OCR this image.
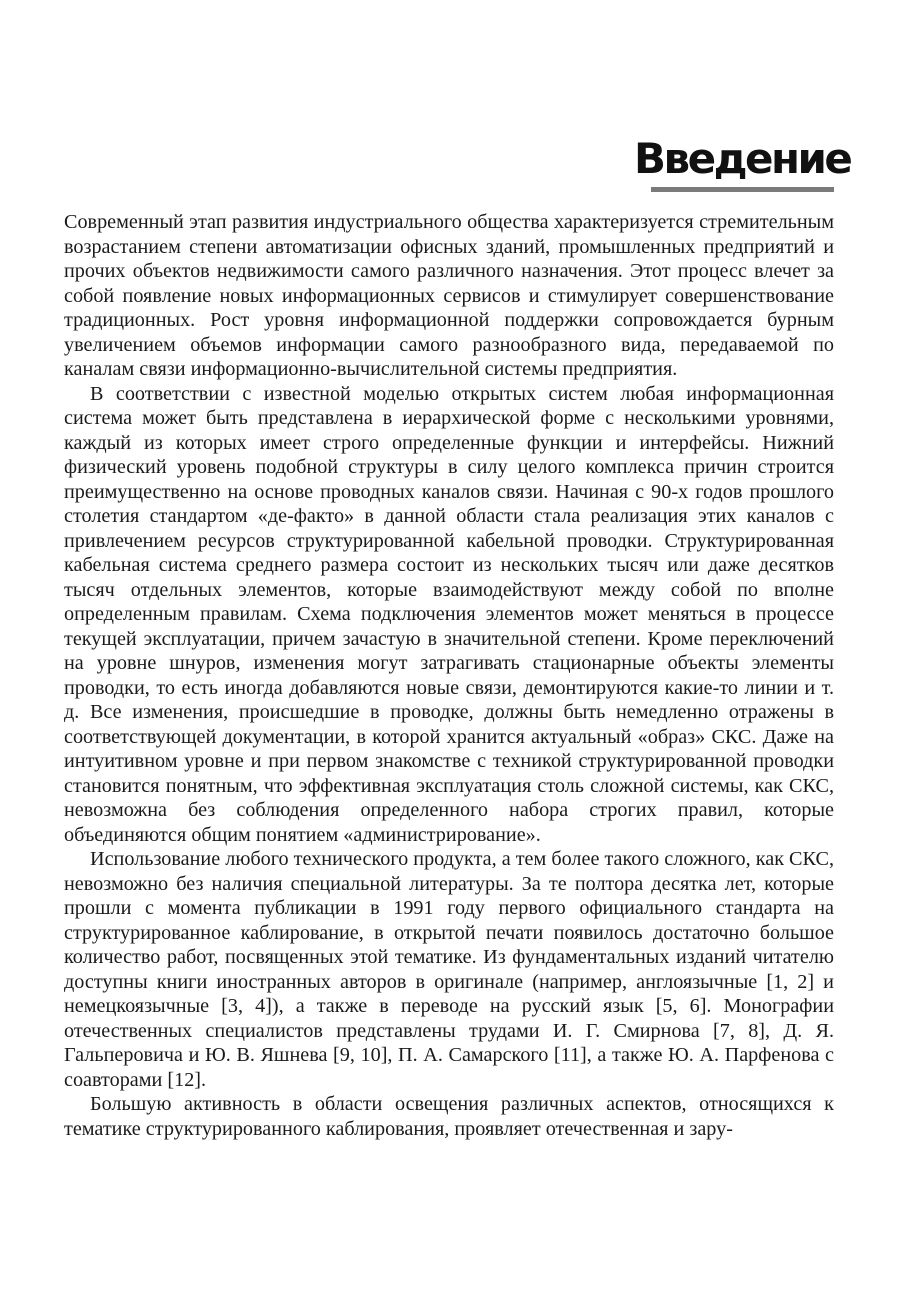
Введение

Современный этап развития индустриального общества характеризуется стремительным возрастанием степени автоматизации офисных зданий, промышленных предприятий и прочих объектов недвижимости самого различного назначения. Этот процесс влечет за собой появление новых информационных сервисов и стимулирует совершенствование традиционных. Рост уровня информационной поддержки сопровождается бурным увеличением объемов информации самого разнообразного вида, передаваемой по каналам связи информационно-вычислительной системы предприятия.

В соответствии с известной моделью открытых систем любая информационная система может быть представлена в иерархической форме с несколькими уровнями, каждый из которых имеет строго определенные функции и интерфейсы. Нижний физический уровень подобной структуры в силу целого комплекса причин строится преимущественно на основе проводных каналов связи. Начиная с 90-х годов прошлого столетия стандартом «де-факто» в данной области стала реализация этих каналов с привлечением ресурсов структурированной кабельной проводки. Структурированная кабельная система среднего размера состоит из нескольких тысяч или даже десятков тысяч отдельных элементов, которые взаимодействуют между собой по вполне определенным правилам. Схема подключения элементов может меняться в процессе текущей эксплуатации, причем зачастую в значительной степени. Кроме переключений на уровне шнуров, изменения могут затрагивать стационарные объекты элементы проводки, то есть иногда добавляются новые связи, демонтируются какие-то линии и т. д. Все изменения, происшедшие в проводке, должны быть немедленно отражены в соответствующей документации, в которой хранится актуальный «образ» СКС. Даже на интуитивном уровне и при первом знакомстве с техникой структурированной проводки становится понятным, что эффективная эксплуатация столь сложной системы, как СКС, невозможна без соблюдения определенного набора строгих правил, которые объединяются общим понятием «администрирование».

Использование любого технического продукта, а тем более такого сложного, как СКС, невозможно без наличия специальной литературы. За те полтора десятка лет, которые прошли с момента публикации в 1991 году первого официального стандарта на структурированное каблирование, в открытой печати появилось достаточно большое количество работ, посвященных этой тематике. Из фундаментальных изданий читателю доступны книги иностранных авторов в оригинале (например, англоязычные [1, 2] и немецкоязычные [3, 4]), а также в переводе на русский язык [5, 6]. Монографии отечественных специалистов представлены трудами И. Г. Смирнова [7, 8], Д. Я. Гальперовича и Ю. В. Яшнева [9, 10], П. А. Самарского [11], а также Ю. А. Парфенова с соавторами [12].

Большую активность в области освещения различных аспектов, относящихся к тематике структурированного каблирования, проявляет отечественная и зару-
